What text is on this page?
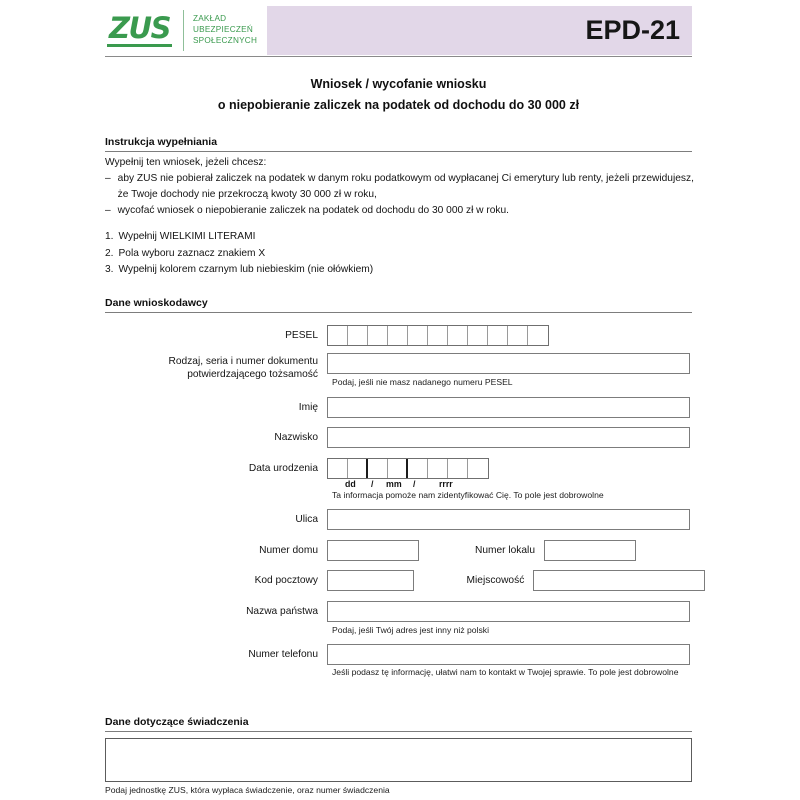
ZUS	ZAKŁAD
UBEZPIECZEŃ
SPOŁECZNYCH	EPD-21
Wniosek / wycofanie wniosku
o niepobieranie zaliczek na podatek od dochodu do 30 000 zł
Instrukcja wypełniania

Wypełnij ten wniosek, jeżeli chcesz:

– aby ZUS nie pobierał zaliczek na podatek w danym roku podatkowym od wypłacanej Ci emerytury lub renty, jeżeli przewidujesz, że Twoje dochody nie przekroczą kwoty 30 000 zł w roku,
– wycofać wniosek o niepobieranie zaliczek na podatek od dochodu do 30 000 zł w roku.
1. Wypełnij WIELKIMI LITERAMI
2. Pola wyboru zaznacz znakiem X
3. Wypełnij kolorem czarnym lub niebieskim (nie ołówkiem)
Dane wnioskodawcy
PESEL
Rodzaj, seria i numer dokumentu
potwierdzającego tożsamość
Podaj, jeśli nie masz nadanego numeru PESEL
Imię
Nazwisko
Data urodzenia
dd / mm /	rrrr
Ta informacja pomoże nam zidentyfikować Cię. To pole jest dobrowolne
Ulica
Numer domu	Numer lokalu
Kod pocztowy	Miejscowość
Nazwa państwa
Podaj, jeśli Twój adres jest inny niż polski
Numer telefonu
Jeśli podasz tę informację, ułatwi nam to kontakt w Twojej sprawie. To pole jest dobrowolne
Dane dotyczące świadczenia
Podaj jednostkę ZUS, która wypłaca świadczenie, oraz numer świadczenia
